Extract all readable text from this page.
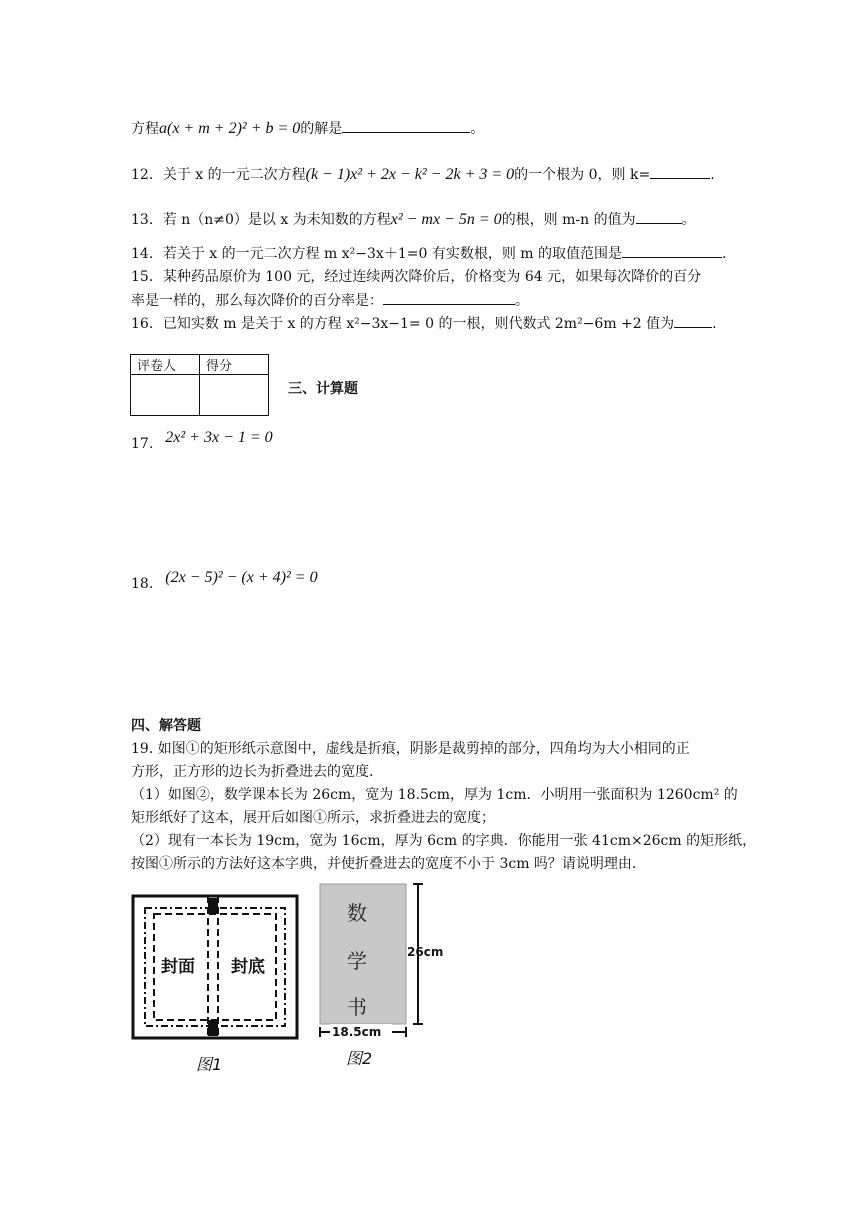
方程a(x + m + 2)² + b = 0的解是	。
12．关于 x 的一元二次方程(k − 1)x² + 2x − k² − 2k + 3 = 0的一个根为 0，则 k=	.
13．若 n（n≠0）是以 x 为未知数的方程x² − mx − 5n = 0的根，则 m-n 的值为	。
14．若关于 x 的一元二次方程 m x²−3x＋1=0 有实数根，则 m 的取值范围是	.
15．某种药品原价为 100 元，经过连续两次降价后，价格变为 64 元，如果每次降价的百分
率是一样的，那么每次降价的百分率是：	。
16．已知实数 m 是关于 x 的方程 x²−3x−1= 0 的一根，则代数式 2m²−6m +2 值为	.
评卷人	得分

三、计算题
17. 2x² + 3x − 1 = 0
18. (2x − 5)² − (x + 4)² = 0
四、解答题
19. 如图①的矩形纸示意图中，虚线是折痕，阴影是裁剪掉的部分，四角均为大小相同的正
方形，正方形的边长为折叠进去的宽度.
（1）如图②，数学课本长为 26cm，宽为 18.5cm，厚为 1cm．小明用一张面积为 1260cm² 的
矩形纸好了这本，展开后如图①所示，求折叠进去的宽度；
（2）现有一本长为 19cm，宽为 16cm，厚为 6cm 的字典．你能用一张 41cm×26cm 的矩形纸，
按图①所示的方法好这本字典，并使折叠进去的宽度不小于 3cm 吗？请说明理由.
封面 封底
图1
数
学
书
26cm
18.5cm
图2
